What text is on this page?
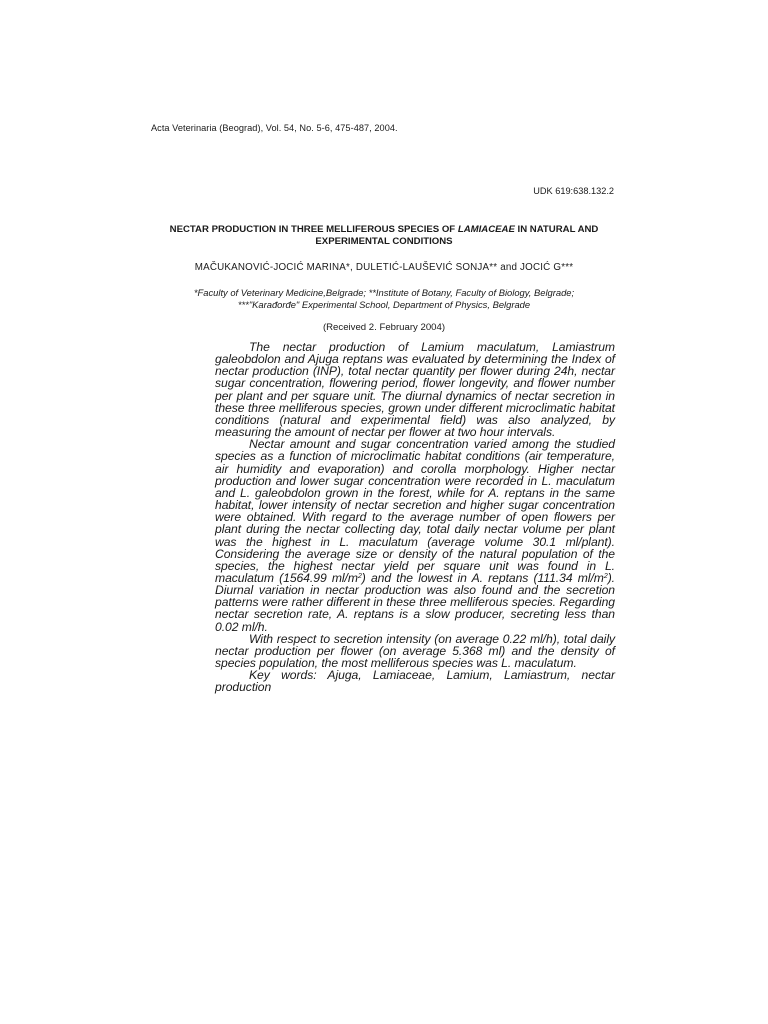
Acta Veterinaria (Beograd), Vol. 54, No. 5-6, 475-487, 2004.
UDK 619:638.132.2
NECTAR PRODUCTION IN THREE MELLIFEROUS SPECIES OF LAMIACEAE IN NATURAL AND EXPERIMENTAL CONDITIONS
MAČUKANOVIĆ-JOCIĆ MARINA*, DULETIĆ-LAUŠEVIĆ SONJA** and JOCIĆ G***
*Faculty of Veterinary Medicine,Belgrade; **Institute of Botany, Faculty of Biology, Belgrade;
***"Karađorđe" Experimental School, Department of Physics, Belgrade
(Received 2. February 2004)

The nectar production of Lamium maculatum, Lamiastrum galeobdolon and Ajuga reptans was evaluated by determining the Index of nectar production (INP), total nectar quantity per flower during 24h, nectar sugar concentration, flowering period, flower longevity, and flower number per plant and per square unit. The diurnal dynamics of nectar secretion in these three melliferous species, grown under different microclimatic habitat conditions (natural and experimental field) was also analyzed, by measuring the amount of nectar per flower at two hour intervals.

Nectar amount and sugar concentration varied among the studied species as a function of microclimatic habitat conditions (air temperature, air humidity and evaporation) and corolla morphology. Higher nectar production and lower sugar concentration were recorded in L. maculatum and L. galeobdolon grown in the forest, while for A. reptans in the same habitat, lower intensity of nectar secretion and higher sugar concentration were obtained. With regard to the average number of open flowers per plant during the nectar collecting day, total daily nectar volume per plant was the highest in L. maculatum (average volume 30.1 ml/plant). Considering the average size or density of the natural population of the species, the highest nectar yield per square unit was found in L. maculatum (1564.99 $ml/m^2$) and the lowest in A. reptans (111.34 $ml/m^2$). Diurnal variation in nectar production was also found and the secretion patterns were rather different in these three melliferous species. Regarding nectar secretion rate, A. reptans is a slow producer, secreting less than 0.02 ml/h.

With respect to secretion intensity (on average 0.22 ml/h), total daily nectar production per flower (on average 5.368 ml) and the density of species population, the most melliferous species was L. maculatum.

Key words: Ajuga, Lamiaceae, Lamium, Lamiastrum, nectar production
